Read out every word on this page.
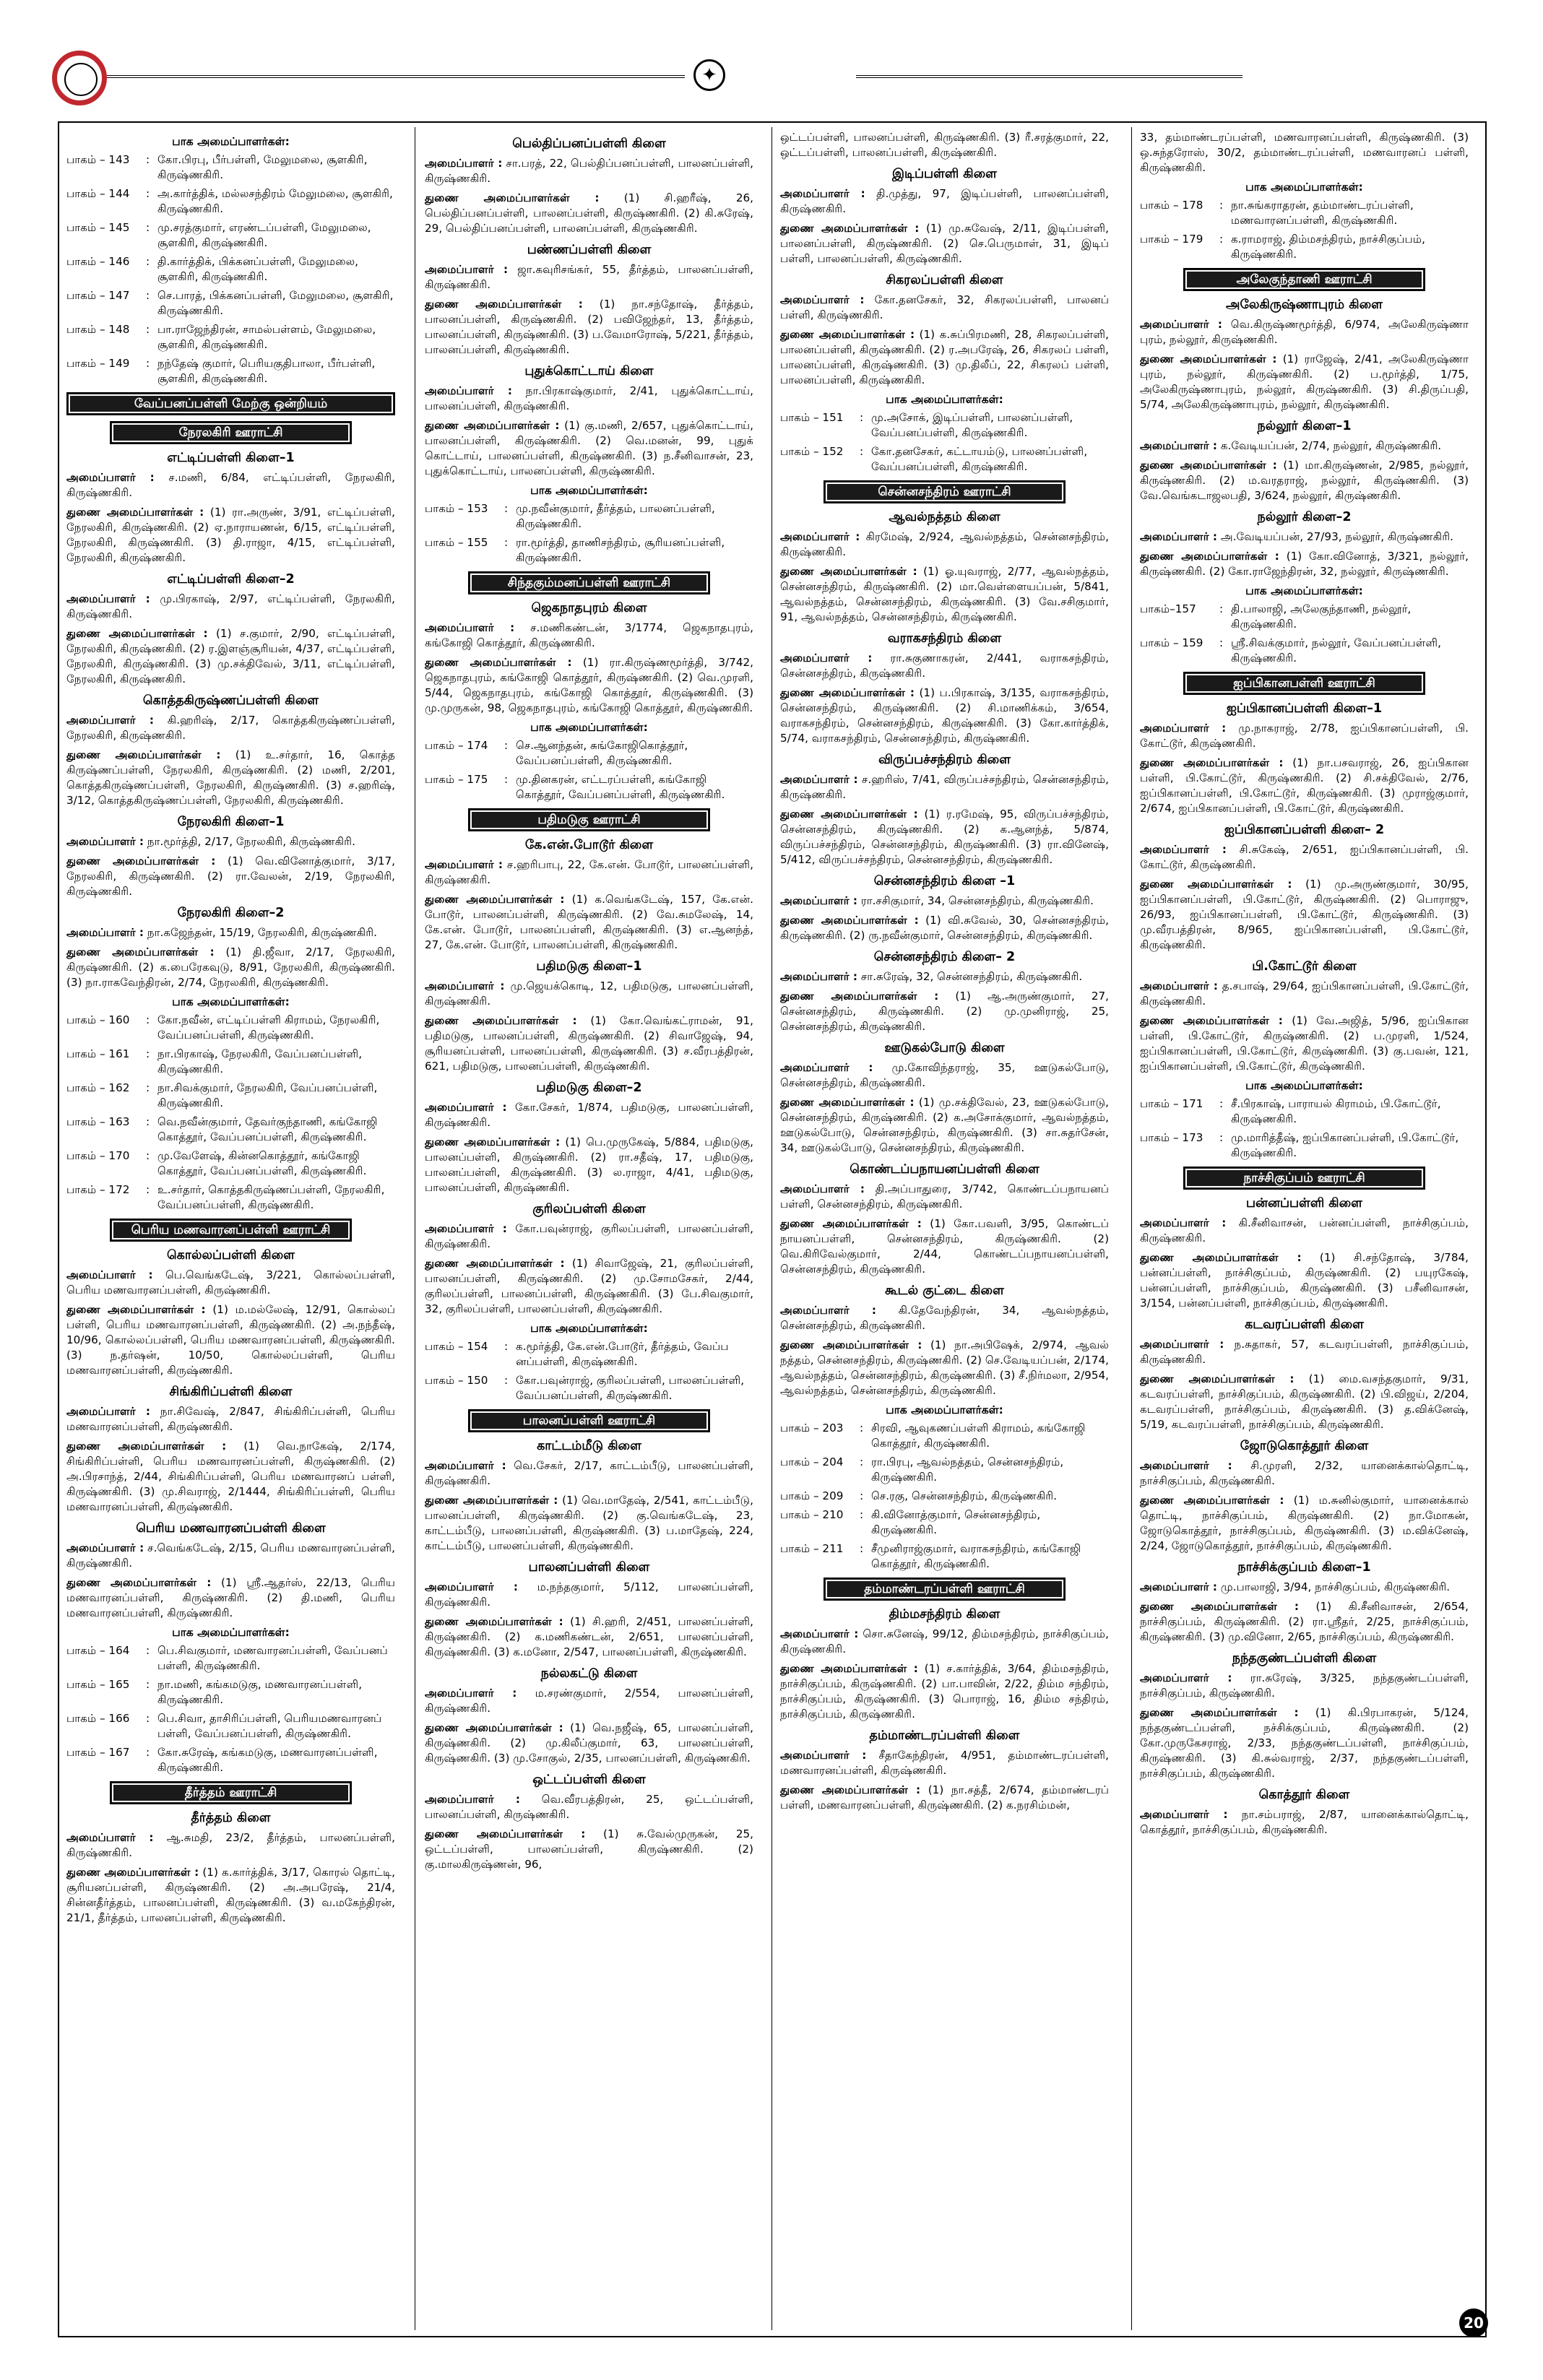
✦
பாக அமைப்பாளர்கள்:
பாகம் – 143	: கோ.பிரபு, பீர்பள்ளி, மேலுமலை, சூளகிரி, கிருஷ்ணகிரி.
பாகம் – 144	: அ.கார்த்திக், மல்லசந்திரம் மேலுமலை, சூளகிரி, கிருஷ்ணகிரி.
பாகம் – 145	: மு.சரத்குமார், எரண்டப்பள்ளி, மேலுமலை, சூளகிரி, கிருஷ்ணகிரி.
பாகம் – 146	: தி.கார்த்திக், பிக்கனப்பள்ளி, மேலுமலை, சூளகிரி, கிருஷ்ணகிரி.
பாகம் – 147	: செ.பாரத், பிக்கனப்பள்ளி, மேலுமலை, சூளகிரி, கிருஷ்ணகிரி.
பாகம் – 148	: பா.ராஜேந்திரன், சாமல்பள்ளம், மேலுமலை, சூளகிரி, கிருஷ்ணகிரி.
பாகம் – 149	: நந்தேஷ் குமார், பெரியகுதிபாலா, பீர்பள்ளி, சூளகிரி, கிருஷ்ணகிரி.
வேப்பனப்பள்ளி மேற்கு ஒன்றியம்
நேரலகிரி ஊராட்சி
எட்டிப்பள்ளி கிளை–1

அமைப்பாளர் : ச.மணி, 6/84, எட்டிப்பள்ளி, நேரலகிரி, கிருஷ்ணகிரி.

துணை அமைப்பாளர்கள் : (1) ரா.அருண், 3/91, எட்டிப்பள்ளி, நேரலகிரி, கிருஷ்ணகிரி. (2) ஏ.நாராயணன், 6/15, எட்டிப்பள்ளி, நேரலகிரி, கிருஷ்ணகிரி. (3) தி.ராஜா, 4/15, எட்டிப்பள்ளி, நேரலகிரி, கிருஷ்ணகிரி.

எட்டிப்பள்ளி கிளை–2

அமைப்பாளர் : மு.பிரகாஷ், 2/97, எட்டிப்பள்ளி, நேரலகிரி, கிருஷ்ணகிரி.

துணை அமைப்பாளர்கள் : (1) ச.குமார், 2/90, எட்டிப்பள்ளி, நேரலகிரி, கிருஷ்ணகிரி. (2) ர.இளஞ்சூரியன், 4/37, எட்டிப்பள்ளி, நேரலகிரி, கிருஷ்ணகிரி. (3) மு.சக்திவேல், 3/11, எட்டிப்பள்ளி, நேரலகிரி, கிருஷ்ணகிரி.

கொத்தகிருஷ்ணப்பள்ளி கிளை

அமைப்பாளர் : கி.ஹரிஷ், 2/17, கொத்தகிருஷ்ணப்பள்ளி, நேரலகிரி, கிருஷ்ணகிரி.

துணை அமைப்பாளர்கள் : (1) உ.சர்தார், 16, கொத்த கிருஷ்ணப்பள்ளி, நேரலகிரி, கிருஷ்ணகிரி. (2) மணி, 2/201, கொத்தகிருஷ்ணப்பள்ளி, நேரலகிரி, கிருஷ்ணகிரி. (3) ச.ஹரிஷ், 3/12, கொத்தகிருஷ்ணப்பள்ளி, நேரலகிரி, கிருஷ்ணகிரி.

நேரலகிரி கிளை–1

அமைப்பாளர் : நா.மூர்த்தி, 2/17, நேரலகிரி, கிருஷ்ணகிரி.

துணை அமைப்பாளர்கள் : (1) வெ.வினோத்குமார், 3/17, நேரலகிரி, கிருஷ்ணகிரி. (2) ரா.வேலன், 2/19, நேரலகிரி, கிருஷ்ணகிரி.

நேரலகிரி கிளை–2

அமைப்பாளர் : நா.கஜேந்தன், 15/19, நேரலகிரி, கிருஷ்ணகிரி.

துணை அமைப்பாளர்கள் : (1) தி.ஜீவா, 2/17, நேரலகிரி, கிருஷ்ணகிரி. (2) க.பைரேகவுடு, 8/91, நேரலகிரி, கிருஷ்ணகிரி. (3) நா.ராகவேந்திரன், 2/74, நேரலகிரி, கிருஷ்ணகிரி.

பாக அமைப்பாளர்கள்:
பாகம் – 160	: கோ.நவீன், எட்டிப்பள்ளி கிராமம், நேரலகிரி, வேப்பனப்பள்ளி, கிருஷ்ணகிரி.
பாகம் – 161	: நா.பிரகாஷ், நேரலகிரி, வேப்பனப்பள்ளி, கிருஷ்ணகிரி.
பாகம் – 162	: நா.சிவக்குமார், நேரலகிரி, வேப்பனப்பள்ளி, கிருஷ்ணகிரி.
பாகம் – 163	: வெ.நவீன்குமார், தேவர்குந்தாணி, கங்கோஜி கொத்தூர், வேப்பனப்பள்ளி, கிருஷ்ணகிரி.
பாகம் – 170	: மு.வேளேஷ், கின்னகொத்தூர், கங்கோஜி கொத்தூர், வேப்பனப்பள்ளி, கிருஷ்ணகிரி.
பாகம் – 172	: உ.சர்தார், கொத்தகிருஷ்ணப்பள்ளி, நேரலகிரி, வேப்பனப்பள்ளி, கிருஷ்ணகிரி.
பெரிய மணவாரனப்பள்ளி ஊராட்சி
கொல்லப்பள்ளி கிளை

அமைப்பாளர் : பெ.வெங்கடேஷ், 3/221, கொல்லப்பள்ளி, பெரிய மணவாரனப்பள்ளி, கிருஷ்ணகிரி.

துணை அமைப்பாளர்கள் : (1) ம.மல்லேஷ், 12/91, கொல்லப் பள்ளி, பெரிய மணவாரனப்பள்ளி, கிருஷ்ணகிரி. (2) அ.நந்தீஷ், 10/96, கொல்லப்பள்ளி, பெரிய மணவாரனப்பள்ளி, கிருஷ்ணகிரி. (3) ந.தர்ஷன், 10/50, கொல்லப்பள்ளி, பெரிய மணவாரனப்பள்ளி, கிருஷ்ணகிரி.

சிங்கிரிப்பள்ளி கிளை

அமைப்பாளர் : நா.சிவேஷ், 2/847, சிங்கிரிப்பள்ளி, பெரிய மணவாரனப்பள்ளி, கிருஷ்ணகிரி.

துணை அமைப்பாளர்கள் : (1) வெ.நாகேஷ், 2/174, சிங்கிரிப்பள்ளி, பெரிய மணவாரனப்பள்ளி, கிருஷ்ணகிரி. (2) அ.பிரசாந்த், 2/44, சிங்கிரிப்பள்ளி, பெரிய மணவாரனப் பள்ளி, கிருஷ்ணகிரி. (3) மு.சிவராஜ், 2/1444, சிங்கிரிப்பள்ளி, பெரிய மணவாரனப்பள்ளி, கிருஷ்ணகிரி.

பெரிய மணவாரனப்பள்ளி கிளை

அமைப்பாளர் : ச.வெங்கடேஷ், 2/15, பெரிய மணவாரனப்பள்ளி, கிருஷ்ணகிரி.

துணை அமைப்பாளர்கள் : (1) ஸ்ரீ.ஆதர்ஸ், 22/13, பெரிய மணவாரனப்பள்ளி, கிருஷ்ணகிரி. (2) தி.மணி, பெரிய மணவாரனப்பள்ளி, கிருஷ்ணகிரி.

பாக அமைப்பாளர்கள்:
பாகம் – 164	: பெ.சிவகுமார், மணவாரனப்பள்ளி, வேப்பனப் பள்ளி, கிருஷ்ணகிரி.
பாகம் – 165	: நா.மணி, கங்கமடுகு, மணவாரனப்பள்ளி, கிருஷ்ணகிரி.
பாகம் – 166	: பெ.சிவா, தாசிரிப்பள்ளி, பெரியமணவாரனப் பள்ளி, வேப்பனப்பள்ளி, கிருஷ்ணகிரி.
பாகம் – 167	: கோ.சுரேஷ், கங்கமடுகு, மணவாரனப்பள்ளி, கிருஷ்ணகிரி.
தீர்த்தம் ஊராட்சி
தீர்த்தம் கிளை

அமைப்பாளர் : ஆ.சுமதி, 23/2, தீர்த்தம், பாலனப்பள்ளி, கிருஷ்ணகிரி.

துணை அமைப்பாளர்கள் : (1) க.கார்த்திக், 3/17, கொரல் தொட்டி, சூரியனப்பள்ளி, கிருஷ்ணகிரி. (2) அ.அபரேஷ், 21/4, சின்னதீர்த்தம், பாலனப்பள்ளி, கிருஷ்ணகிரி. (3) வ.மகேந்திரன், 21/1, தீர்த்தம், பாலனப்பள்ளி, கிருஷ்ணகிரி.

பெல்திப்பனப்பள்ளி கிளை

அமைப்பாளர் : சா.பரத், 22, பெல்திப்பனப்பள்ளி, பாலனப்பள்ளி, கிருஷ்ணகிரி.

துணை அமைப்பாளர்கள் : (1) சி.ஹரீஷ், 26, பெல்திப்பனப்பள்ளி, பாலனப்பள்ளி, கிருஷ்ணகிரி. (2) கி.சுரேஷ், 29, பெல்திப்பனப்பள்ளி, பாலனப்பள்ளி, கிருஷ்ணகிரி.

பண்ணப்பள்ளி கிளை

அமைப்பாளர் : ஜா.கவுரிசங்கர், 55, தீர்த்தம், பாலனப்பள்ளி, கிருஷ்ணகிரி.

துணை அமைப்பாளர்கள் : (1) நா.சந்தோஷ், தீர்த்தம், பாலனப்பள்ளி, கிருஷ்ணகிரி. (2) பவிஜேந்தர், 13, தீர்த்தம், பாலனப்பள்ளி, கிருஷ்ணகிரி. (3) ப.வேமாரோஷ், 5/221, தீர்த்தம், பாலனப்பள்ளி, கிருஷ்ணகிரி.

புதுக்கொட்டாய் கிளை

அமைப்பாளர் : நா.பிரகாஷ்குமார், 2/41, புதுக்கொட்டாய், பாலனப்பள்ளி, கிருஷ்ணகிரி.

துணை அமைப்பாளர்கள் : (1) கு.மணி, 2/657, புதுக்கொட்டாய், பாலனப்பள்ளி, கிருஷ்ணகிரி. (2) வெ.மனன், 99, புதுக் கொட்டாய், பாலனப்பள்ளி, கிருஷ்ணகிரி. (3) ந.சீனிவாசன், 23, புதுக்கொட்டாய், பாலனப்பள்ளி, கிருஷ்ணகிரி.

பாக அமைப்பாளர்கள்:
பாகம் – 153	: மு.நவீன்குமார், தீர்த்தம், பாலனப்பள்ளி, கிருஷ்ணகிரி.
பாகம் – 155	: ரா.மூர்த்தி, தாணிசந்திரம், சூரியனப்பள்ளி, கிருஷ்ணகிரி.
சிந்தகும்மனப்பள்ளி ஊராட்சி
ஜெகநாதபுரம் கிளை

அமைப்பாளர் : ச.மணிகண்டன், 3/1774, ஜெகநாதபுரம், கங்கோஜி கொத்தூர், கிருஷ்ணகிரி.

துணை அமைப்பாளர்கள் : (1) ரா.கிருஷ்ணமூர்த்தி, 3/742, ஜெகநாதபுரம், கங்கோஜி கொத்தூர், கிருஷ்ணகிரி. (2) வெ.முரளி, 5/44, ஜெகநாதபுரம், கங்கோஜி கொத்தூர், கிருஷ்ணகிரி. (3) மு.முருகன், 98, ஜெகநாதபுரம், கங்கோஜி கொத்தூர், கிருஷ்ணகிரி.

பாக அமைப்பாளர்கள்:
பாகம் – 174	: செ.ஆனந்தன், சுங்கோஜிகொத்தூர், வேப்பனப்பள்ளி, கிருஷ்ணகிரி.
பாகம் – 175	: மு.தினகரன், எட்டரப்பள்ளி, கங்கோஜி கொத்தூர், வேப்பனப்பள்ளி, கிருஷ்ணகிரி.
பதிமடுகு ஊராட்சி
கே.என்.போடூர் கிளை

அமைப்பாளர் : ச.ஹரிபாபு, 22, கே.என். போடூர், பாலனப்பள்ளி, கிருஷ்ணகிரி.

துணை அமைப்பாளர்கள் : (1) க.வெங்கடேஷ், 157, கே.என். போடூர், பாலனப்பள்ளி, கிருஷ்ணகிரி. (2) வே.சுமலேஷ், 14, கே.என். போடூர், பாலனப்பள்ளி, கிருஷ்ணகிரி. (3) எ.ஆனந்த், 27, கே.என். போடூர், பாலனப்பள்ளி, கிருஷ்ணகிரி.

பதிமடுகு கிளை–1

அமைப்பாளர் : மு.ஜெயக்கொடி, 12, பதிமடுகு, பாலனப்பள்ளி, கிருஷ்ணகிரி.

துணை அமைப்பாளர்கள் : (1) கோ.வெங்கட்ராமன், 91, பதிமடுகு, பாலனப்பள்ளி, கிருஷ்ணகிரி. (2) சிவாஜேஷ், 94, சூரியனப்பள்ளி, பாலனப்பள்ளி, கிருஷ்ணகிரி. (3) ச.வீரபத்திரன், 621, பதிமடுகு, பாலனப்பள்ளி, கிருஷ்ணகிரி.

பதிமடுகு கிளை–2

அமைப்பாளர் : கோ.சேகர், 1/874, பதிமடுகு, பாலனப்பள்ளி, கிருஷ்ணகிரி.

துணை அமைப்பாளர்கள் : (1) பெ.முருகேஷ், 5/884, பதிமடுகு, பாலனப்பள்ளி, கிருஷ்ணகிரி. (2) ரா.சதீஷ், 17, பதிமடுகு, பாலனப்பள்ளி, கிருஷ்ணகிரி. (3) ல.ராஜா, 4/41, பதிமடுகு, பாலனப்பள்ளி, கிருஷ்ணகிரி.

குரிலப்பள்ளி கிளை

அமைப்பாளர் : கோ.பவுன்ராஜ், குரிலப்பள்ளி, பாலனப்பள்ளி, கிருஷ்ணகிரி.

துணை அமைப்பாளர்கள் : (1) சிவாஜேஷ், 21, குரிலப்பள்ளி, பாலனப்பள்ளி, கிருஷ்ணகிரி. (2) மு.சோமசேகர், 2/44, குரிலப்பள்ளி, பாலனப்பள்ளி, கிருஷ்ணகிரி. (3) பே.சிவகுமார், 32, குரிலப்பள்ளி, பாலனப்பள்ளி, கிருஷ்ணகிரி.

பாக அமைப்பாளர்கள்:
பாகம் – 154	: க.மூர்த்தி, கே.என்.போடூர், தீர்த்தம், வேப்ப னப்பள்ளி, கிருஷ்ணகிரி.
பாகம் – 150	: கோ.பவுன்ராஜ், குரிலப்பள்ளி, பாலனப்பள்ளி, வேப்பனப்பள்ளி, கிருஷ்ணகிரி.
பாலனப்பள்ளி ஊராட்சி
காட்டம்மீடு கிளை

அமைப்பாளர் : வெ.சேகர், 2/17, காட்டம்பீடு, பாலனப்பள்ளி, கிருஷ்ணகிரி.

துணை அமைப்பாளர்கள் : (1) வெ.மாதேஷ், 2/541, காட்டம்பீடு, பாலனப்பள்ளி, கிருஷ்ணகிரி. (2) கு.வெங்கடேஷ், 23, காட்டம்பீடு, பாலனப்பள்ளி, கிருஷ்ணகிரி. (3) ப.மாதேஷ், 224, காட்டம்பீடு, பாலனப்பள்ளி, கிருஷ்ணகிரி.

பாலனப்பள்ளி கிளை

அமைப்பாளர் : ம.நந்தகுமார், 5/112, பாலனப்பள்ளி, கிருஷ்ணகிரி.

துணை அமைப்பாளர்கள் : (1) சி.ஹரி, 2/451, பாலனப்பள்ளி, கிருஷ்ணகிரி. (2) க.மணிகண்டன், 2/651, பாலனப்பள்ளி, கிருஷ்ணகிரி. (3) க.மனோ, 2/547, பாலனப்பள்ளி, கிருஷ்ணகிரி.

நல்லகட்டு கிளை

அமைப்பாளர் : ம.சரண்குமார், 2/554, பாலனப்பள்ளி, கிருஷ்ணகிரி.

துணை அமைப்பாளர்கள் : (1) வெ.நஜீஷ், 65, பாலனப்பள்ளி, கிருஷ்ணகிரி. (2) மு.கிலீப்குமார், 63, பாலனப்பள்ளி, கிருஷ்ணகிரி. (3) மு.சோகுல், 2/35, பாலனப்பள்ளி, கிருஷ்ணகிரி.

ஒட்டப்பள்ளி கிளை

அமைப்பாளர் : வெ.வீரபத்திரன், 25, ஒட்டப்பள்ளி, பாலனப்பள்ளி, கிருஷ்ணகிரி.

துணை அமைப்பாளர்கள் : (1) சு.வேல்முருகன், 25, ஒட்டப்பள்ளி, பாலனப்பள்ளி, கிருஷ்ணகிரி. (2) கு.மாலகிருஷ்ணன், 96,

ஒட்டப்பள்ளி, பாலனப்பள்ளி, கிருஷ்ணகிரி. (3) ரீ.சரத்குமார், 22, ஒட்டப்பள்ளி, பாலனப்பள்ளி, கிருஷ்ணகிரி.

இடிப்பள்ளி கிளை

அமைப்பாளர் : தி.முத்து, 97, இடிப்பள்ளி, பாலனப்பள்ளி, கிருஷ்ணகிரி.

துணை அமைப்பாளர்கள் : (1) மு.சுவேஷ், 2/11, இடிப்பள்ளி, பாலனப்பள்ளி, கிருஷ்ணகிரி. (2) செ.பெருமாள், 31, இடிப் பள்ளி, பாலனப்பள்ளி, கிருஷ்ணகிரி.

சிகரலப்பள்ளி கிளை

அமைப்பாளர் : கோ.தனசேகர், 32, சிகரலப்பள்ளி, பாலனப் பள்ளி, கிருஷ்ணகிரி.

துணை அமைப்பாளர்கள் : (1) க.சுப்பிரமணி, 28, சிகரலப்பள்ளி, பாலனப்பள்ளி, கிருஷ்ணகிரி. (2) ர.அபரேஷ், 26, சிகரலப் பள்ளி, பாலனப்பள்ளி, கிருஷ்ணகிரி. (3) மு.திலீப், 22, சிகரலப் பள்ளி, பாலனப்பள்ளி, கிருஷ்ணகிரி.

பாக அமைப்பாளர்கள்:
பாகம் – 151	: மு.அசோக், இடிப்பள்ளி, பாலனப்பள்ளி, வேப்பனப்பள்ளி, கிருஷ்ணகிரி.
பாகம் – 152	: கோ.தனசேகர், கட்டாயம்டு, பாலனப்பள்ளி, வேப்பனப்பள்ளி, கிருஷ்ணகிரி.
சென்னசந்திரம் ஊராட்சி
ஆவல்நத்தம் கிளை

அமைப்பாளர் : கிரமேஷ், 2/924, ஆவல்நத்தம், சென்னசந்திரம், கிருஷ்ணகிரி.

துணை அமைப்பாளர்கள் : (1) ஓ.யுவராஜ், 2/77, ஆவல்நத்தம், சென்னசந்திரம், கிருஷ்ணகிரி. (2) மா.வெள்ளையப்பன், 5/841, ஆவல்நத்தம், சென்னசந்திரம், கிருஷ்ணகிரி. (3) வே.சசிகுமார், 91, ஆவல்நத்தம், சென்னசந்திரம், கிருஷ்ணகிரி.

வராகசந்திரம் கிளை

அமைப்பாளர் : ரா.சுகுணாகரன், 2/441, வராகசந்திரம், சென்னசந்திரம், கிருஷ்ணகிரி.

துணை அமைப்பாளர்கள் : (1) ப.பிரகாஷ், 3/135, வராகசந்திரம், சென்னசந்திரம், கிருஷ்ணகிரி. (2) சி.மாணிக்கம், 3/654, வராகசந்திரம், சென்னசந்திரம், கிருஷ்ணகிரி. (3) கோ.கார்த்திக், 5/74, வராகசந்திரம், சென்னசந்திரம், கிருஷ்ணகிரி.

விருப்பச்சந்திரம் கிளை

அமைப்பாளர் : ச.ஹரிஸ், 7/41, விருப்பச்சந்திரம், சென்னசந்திரம், கிருஷ்ணகிரி.

துணை அமைப்பாளர்கள் : (1) ர.ரமேஷ், 95, விருப்பச்சந்திரம், சென்னசந்திரம், கிருஷ்ணகிரி. (2) க.ஆனந்த், 5/874, விருப்பச்சந்திரம், சென்னசந்திரம், கிருஷ்ணகிரி. (3) ரா.வினேஷ், 5/412, விருப்பச்சந்திரம், சென்னசந்திரம், கிருஷ்ணகிரி.

சென்னசந்திரம் கிளை –1

அமைப்பாளர் : ரா.சசிகுமார், 34, சென்னசந்திரம், கிருஷ்ணகிரி.

துணை அமைப்பாளர்கள் : (1) வி.சுவேல், 30, சென்னசந்திரம், கிருஷ்ணகிரி. (2) ரு.நவீன்குமார், சென்னசந்திரம், கிருஷ்ணகிரி.

சென்னசந்திரம் கிளை– 2

அமைப்பாளர் : சா.சுரேஷ், 32, சென்னசந்திரம், கிருஷ்ணகிரி.

துணை அமைப்பாளர்கள் : (1) ஆ.அருண்குமார், 27, சென்னசந்திரம், கிருஷ்ணகிரி. (2) மு.முனிராஜ், 25, சென்னசந்திரம், கிருஷ்ணகிரி.

ஊடுகல்போடு கிளை

அமைப்பாளர் : மு.கோவிந்தராஜ், 35, ஊடுகல்போடு, சென்னசந்திரம், கிருஷ்ணகிரி.

துணை அமைப்பாளர்கள் : (1) மு.சக்திவேல், 23, ஊடுகல்போடு, சென்னசந்திரம், கிருஷ்ணகிரி. (2) க.அசோக்குமார், ஆவல்நத்தம், ஊடுகல்போடு, சென்னசந்திரம், கிருஷ்ணகிரி. (3) சா.சுதர்சேன், 34, ஊடுகல்போடு, சென்னசந்திரம், கிருஷ்ணகிரி.

கொண்டப்பநாயனப்பள்ளி கிளை

அமைப்பாளர் : தி.அப்பாதுரை, 3/742, கொண்டப்பநாயனப் பள்ளி, சென்னசந்திரம், கிருஷ்ணகிரி.

துணை அமைப்பாளர்கள் : (1) கோ.பவளி, 3/95, கொண்டப் நாயனப்பள்ளி, சென்னசந்திரம், கிருஷ்ணகிரி. (2) வெ.கிரிவேல்குமார், 2/44, கொண்டப்பநாயனப்பள்ளி, சென்னசந்திரம், கிருஷ்ணகிரி.

கூடல் குட்டை கிளை

அமைப்பாளர் : கி.தேவேந்திரன், 34, ஆவல்நத்தம், சென்னசந்திரம், கிருஷ்ணகிரி.

துணை அமைப்பாளர்கள் : (1) நா.அபிஷேக், 2/974, ஆவல் நத்தம், சென்னசந்திரம், கிருஷ்ணகிரி. (2) செ.வேடியப்பன், 2/174, ஆவல்நத்தம், சென்னசந்திரம், கிருஷ்ணகிரி. (3) சீ.நிர்மலா, 2/954, ஆவல்நத்தம், சென்னசந்திரம், கிருஷ்ணகிரி.

பாக அமைப்பாளர்கள்:
பாகம் – 203	: சிரவி, ஆவுகணப்பள்ளி கிராமம், கங்கோஜி கொத்தூர், கிருஷ்ணகிரி.
பாகம் – 204	: ரா.பிரபு, ஆவல்நத்தம், சென்னசந்திரம், கிருஷ்ணகிரி.
பாகம் – 209	: செ.ரகு, சென்னசந்திரம், கிருஷ்ணகிரி.
பாகம் – 210	: கி.வினோத்குமார், சென்னசந்திரம், கிருஷ்ணகிரி.
பாகம் – 211	: சீமுனிராஜ்குமார், வராகசந்திரம், கங்கோஜி கொத்தூர், கிருஷ்ணகிரி.
தம்மாண்டரப்பள்ளி ஊராட்சி
திம்மசந்திரம் கிளை

அமைப்பாளர் : சொ.சுனேஷ், 99/12, திம்மசந்திரம், நாச்சிகுப்பம், கிருஷ்ணகிரி.

துணை அமைப்பாளர்கள் : (1) ச.கார்த்திக், 3/64, திம்மசந்திரம், நாச்சிகுப்பம், கிருஷ்ணகிரி. (2) பா.பாவின், 2/22, திம்ம சந்திரம், நாச்சிகுப்பம், கிருஷ்ணகிரி. (3) பொராஜ், 16, திம்ம சந்திரம், நாச்சிகுப்பம், கிருஷ்ணகிரி.

தம்மாண்டரப்பள்ளி கிளை

அமைப்பாளர் : சீதாகேந்திரன், 4/951, தம்மாண்டரப்பள்ளி, மணவாரனப்பள்ளி, கிருஷ்ணகிரி.

துணை அமைப்பாளர்கள் : (1) நா.சத்தீ, 2/674, தம்மாண்டரப் பள்ளி, மணவாரனப்பள்ளி, கிருஷ்ணகிரி. (2) க.நரசிம்மன்,

33, தம்மாண்டரப்பள்ளி, மணவாரனப்பள்ளி, கிருஷ்ணகிரி. (3) ஒ.சுந்தரோஸ், 30/2, தம்மாண்டரப்பள்ளி, மணவாரனப் பள்ளி, கிருஷ்ணகிரி.

பாக அமைப்பாளர்கள்:
பாகம் – 178	: நா.சுங்கராதரன், தம்மாண்டரப்பள்ளி, மணவாரனப்பள்ளி, கிருஷ்ணகிரி.
பாகம் – 179	: க.ராமராஜ், திம்மசந்திரம், நாச்சிகுப்பம், கிருஷ்ணகிரி.
அலேகுந்தாணி ஊராட்சி
அலேகிருஷ்ணாபுரம் கிளை

அமைப்பாளர் : வெ.கிருஷ்ணமூர்த்தி, 6/974, அலேகிருஷ்ணா புரம், நல்லூர், கிருஷ்ணகிரி.

துணை அமைப்பாளர்கள் : (1) ராஜேஷ், 2/41, அலேகிருஷ்ணா புரம், நல்லூர், கிருஷ்ணகிரி. (2) ப.மூர்த்தி, 1/75, அலேகிருஷ்ணாபுரம், நல்லூர், கிருஷ்ணகிரி. (3) சி.திருப்பதி, 5/74, அலேகிருஷ்ணாபுரம், நல்லூர், கிருஷ்ணகிரி.

நல்லூர் கிளை–1

அமைப்பாளர் : க.வேடியப்பன், 2/74, நல்லூர், கிருஷ்ணகிரி.

துணை அமைப்பாளர்கள் : (1) மா.கிருஷ்ணன், 2/985, நல்லூர், கிருஷ்ணகிரி. (2) ம.வரதராஜ், நல்லூர், கிருஷ்ணகிரி. (3) வே.வெங்கடாஜலபதி, 3/624, நல்லூர், கிருஷ்ணகிரி.

நல்லூர் கிளை–2

அமைப்பாளர் : அ.வேடியப்பன், 27/93, நல்லூர், கிருஷ்ணகிரி.

துணை அமைப்பாளர்கள் : (1) கோ.வினோத், 3/321, நல்லூர், கிருஷ்ணகிரி. (2) கோ.ராஜேந்திரன், 32, நல்லூர், கிருஷ்ணகிரி.

பாக அமைப்பாளர்கள்:
பாகம்–157	: தி.பாலாஜி, அலேகுந்தாணி, நல்லூர், கிருஷ்ணகிரி.
பாகம் – 159	: ஸ்ரீ.சிவக்குமார், நல்லூர், வேப்பனப்பள்ளி, கிருஷ்ணகிரி.
ஐப்பிகானபள்ளி ஊராட்சி
ஐப்பிகானப்பள்ளி கிளை–1

அமைப்பாளர் : மு.நாகராஜ், 2/78, ஐப்பிகானப்பள்ளி, பி. கோட்டூர், கிருஷ்ணகிரி.

துணை அமைப்பாளர்கள் : (1) நா.பசவராஜ், 26, ஐப்பிகான பள்ளி, பி.கோட்டூர், கிருஷ்ணகிரி. (2) சி.சக்திவேல், 2/76, ஐப்பிகானப்பள்ளி, பி.கோட்டூர், கிருஷ்ணகிரி. (3) முராஜ்குமார், 2/674, ஐப்பிகானப்பள்ளி, பி.கோட்டூர், கிருஷ்ணகிரி.

ஐப்பிகானப்பள்ளி கிளை– 2

அமைப்பாளர் : சி.சுகேஷ், 2/651, ஐப்பிகானப்பள்ளி, பி. கோட்டூர், கிருஷ்ணகிரி.

துணை அமைப்பாளர்கள் : (1) மு.அருண்குமார், 30/95, ஐப்பிகானப்பள்ளி, பி.கோட்டூர், கிருஷ்ணகிரி. (2) பொராஜு, 26/93, ஐப்பிகானப்பள்ளி, பி.கோட்டூர், கிருஷ்ணகிரி. (3) மு.வீரபத்திரன், 8/965, ஐப்பிகானப்பள்ளி, பி.கோட்டூர், கிருஷ்ணகிரி.

பி.கோட்டூர் கிளை

அமைப்பாளர் : த.சபாஷ், 29/64, ஐப்பிகானப்பள்ளி, பி.கோட்டூர், கிருஷ்ணகிரி.

துணை அமைப்பாளர்கள் : (1) வே.அஜித், 5/96, ஐப்பிகான பள்ளி, பி.கோட்டூர், கிருஷ்ணகிரி. (2) ப.முரளி, 1/524, ஐப்பிகானப்பள்ளி, பி.கோட்டூர், கிருஷ்ணகிரி. (3) கு.பவன், 121, ஐப்பிகானப்பள்ளி, பி.கோட்டூர், கிருஷ்ணகிரி.

பாக அமைப்பாளர்கள்:
பாகம் – 171	: சீ.பிரகாஷ், பாராயல் கிராமம், பி.கோட்டூர், கிருஷ்ணகிரி.
பாகம் – 173	: மு.மாரித்தீஷ், ஐப்பிகானப்பள்ளி, பி.கோட்டூர், கிருஷ்ணகிரி.
நாச்சிகுப்பம் ஊராட்சி
பன்னப்பள்ளி கிளை

அமைப்பாளர் : கி.சீனிவாசன், பன்னப்பள்ளி, நாச்சிகுப்பம், கிருஷ்ணகிரி.

துணை அமைப்பாளர்கள் : (1) சி.சந்தோஷ், 3/784, பன்னப்பள்ளி, நாச்சிகுப்பம், கிருஷ்ணகிரி. (2) பயுரகேஷ், பன்னப்பள்ளி, நாச்சிகுப்பம், கிருஷ்ணகிரி. (3) பசீனிவாசன், 3/154, பன்னப்பள்ளி, நாச்சிகுப்பம், கிருஷ்ணகிரி.

கடவரப்பள்ளி கிளை

அமைப்பாளர் : ந.சுதாகர், 57, கடவரப்பள்ளி, நாச்சிகுப்பம், கிருஷ்ணகிரி.

துணை அமைப்பாளர்கள் : (1) மை.வசந்தகுமார், 9/31, கடவரப்பள்ளி, நாச்சிகுப்பம், கிருஷ்ணகிரி. (2) பி.விஜய், 2/204, கடவரப்பள்ளி, நாச்சிகுப்பம், கிருஷ்ணகிரி. (3) த.விக்னேஷ், 5/19, கடவரப்பள்ளி, நாச்சிகுப்பம், கிருஷ்ணகிரி.

ஜோடுகொத்தூர் கிளை

அமைப்பாளர் : சி.முரளி, 2/32, யானைக்கால்தொட்டி, நாச்சிகுப்பம், கிருஷ்ணகிரி.

துணை அமைப்பாளர்கள் : (1) ம.சுனில்குமார், யானைக்கால் தொட்டி, நாச்சிகுப்பம், கிருஷ்ணகிரி. (2) நா.மோகன், ஜோடுகொத்தூர், நாச்சிகுப்பம், கிருஷ்ணகிரி. (3) ம.விக்னேஷ், 2/24, ஜோடுகொத்தூர், நாச்சிகுப்பம், கிருஷ்ணகிரி.

நாச்சிக்குப்பம் கிளை–1

அமைப்பாளர் : மு.பாலாஜி, 3/94, நாச்சிகுப்பம், கிருஷ்ணகிரி.

துணை அமைப்பாளர்கள் : (1) கி.சீனிவாசன், 2/654, நாச்சிகுப்பம், கிருஷ்ணகிரி. (2) ரா.ஸ்ரீதர், 2/25, நாச்சிகுப்பம், கிருஷ்ணகிரி. (3) மு.வினோ, 2/65, நாச்சிகுப்பம், கிருஷ்ணகிரி.

நந்தகுண்டப்பள்ளி கிளை

அமைப்பாளர் : ரா.சுரேஷ், 3/325, நந்தகுண்டப்பள்ளி, நாச்சிகுப்பம், கிருஷ்ணகிரி.

துணை அமைப்பாளர்கள் : (1) கி.பிரபாகரன், 5/124, நந்தகுண்டப்பள்ளி, நச்சிக்குப்பம், கிருஷ்ணகிரி. (2) கோ.முருகேசராஜ், 2/33, நந்தகுண்டப்பள்ளி, நாச்சிகுப்பம், கிருஷ்ணகிரி. (3) கி.சுல்வராஜ், 2/37, நந்தகுண்டப்பள்ளி, நாச்சிகுப்பம், கிருஷ்ணகிரி.

கொத்தூர் கிளை

அமைப்பாளர் : நா.சம்பராஜ், 2/87, யானைக்கால்தொட்டி, கொத்தூர், நாச்சிகுப்பம், கிருஷ்ணகிரி.

20
